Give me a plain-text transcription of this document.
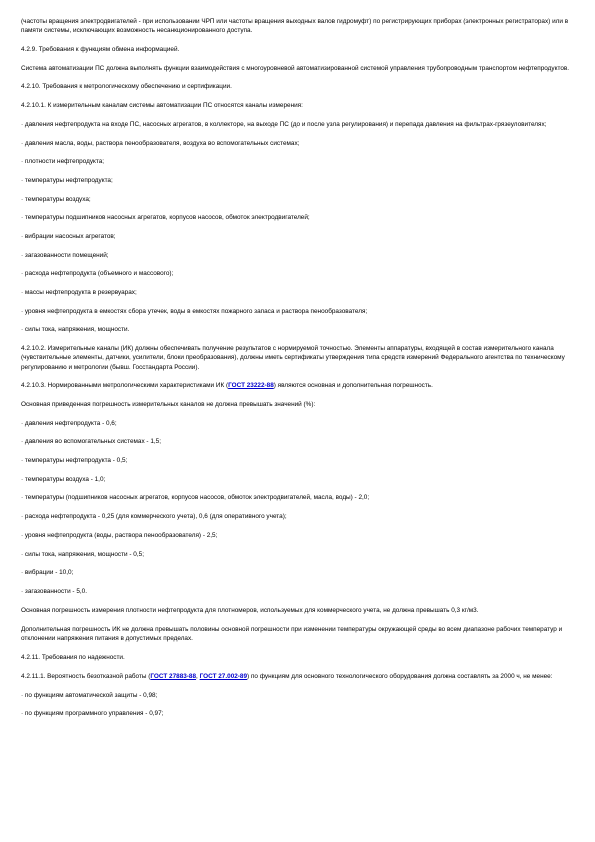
(частоты вращения электродвигателей - при использовании ЧРП или частоты вращения выходных валов гидромуфт) по регистрирующих приборах (электронных регистраторах) или в памяти системы, исключающих возможность несанкционированного доступа.
4.2.9. Требования к функциям обмена информацией.
Система автоматизации ПС должна выполнять функции взаимодействия с многоуровневой автоматизированной системой управления трубопроводным транспортом нефтепродуктов.
4.2.10. Требования к метрологическому обеспечению и сертификации.
4.2.10.1. К измерительным каналам системы автоматизации ПС относятся каналы измерения:
· давления нефтепродукта на входе ПС, насосных агрегатов, в коллекторе, на выходе ПС (до и после узла регулирования) и перепада давления на фильтрах-грязеуловителях;
· давления масла, воды, раствора пенообразователя, воздуха во вспомогательных системах;
· плотности нефтепродукта;
· температуры нефтепродукта;
· температуры воздуха;
· температуры подшипников насосных агрегатов, корпусов насосов, обмоток электродвигателей;
· вибрации насосных агрегатов;
· загазованности помещений;
· расхода нефтепродукта (объемного и массового);
· массы нефтепродукта в резервуарах;
· уровня нефтепродукта в емкостях сбора утечек, воды в емкостях пожарного запаса и раствора пенообразователя;
· силы тока, напряжения, мощности.
4.2.10.2. Измерительные каналы (ИК) должны обеспечивать получение результатов с нормируемой точностью. Элементы аппаратуры, входящей в состав измерительного канала (чувствительные элементы, датчики, усилители, блоки преобразования), должны иметь сертификаты утверждения типа средств измерений Федерального агентства по техническому регулированию и метрологии (бывш. Госстандарта России).
4.2.10.3. Нормированными метрологическими характеристиками ИК (ГОСТ 23222-88) являются основная и дополнительная погрешность.
Основная приведенная погрешность измерительных каналов не должна превышать значений (%):
· давления нефтепродукта - 0,6;
· давления во вспомогательных системах - 1,5;
· температуры нефтепродукта - 0,5;
· температуры воздуха - 1,0;
· температуры (подшипников насосных агрегатов, корпусов насосов, обмоток электродвигателей, масла, воды) - 2,0;
· расхода нефтепродукта - 0,25 (для коммерческого учета), 0,6 (для оперативного учета);
· уровня нефтепродукта (воды, раствора пенообразователя) - 2,5;
· силы тока, напряжения, мощности - 0,5;
· вибрации - 10,0;
· загазованности - 5,0.
Основная погрешность измерения плотности нефтепродукта для плотномеров, используемых для коммерческого учета, не должна превышать 0,3 кг/м3.
Дополнительная погрешность ИК не должна превышать половины основной погрешности при изменении температуры окружающей среды во всем диапазоне рабочих температур и отклонении напряжения питания в допустимых пределах.
4.2.11. Требования по надежности.
4.2.11.1. Вероятность безотказной работы (ГОСТ 27883-88, ГОСТ 27.002-89) по функциям для основного технологического оборудования должна составлять за 2000 ч, не менее:
· по функциям автоматической защиты - 0,98;
· по функциям программного управления - 0,97;
